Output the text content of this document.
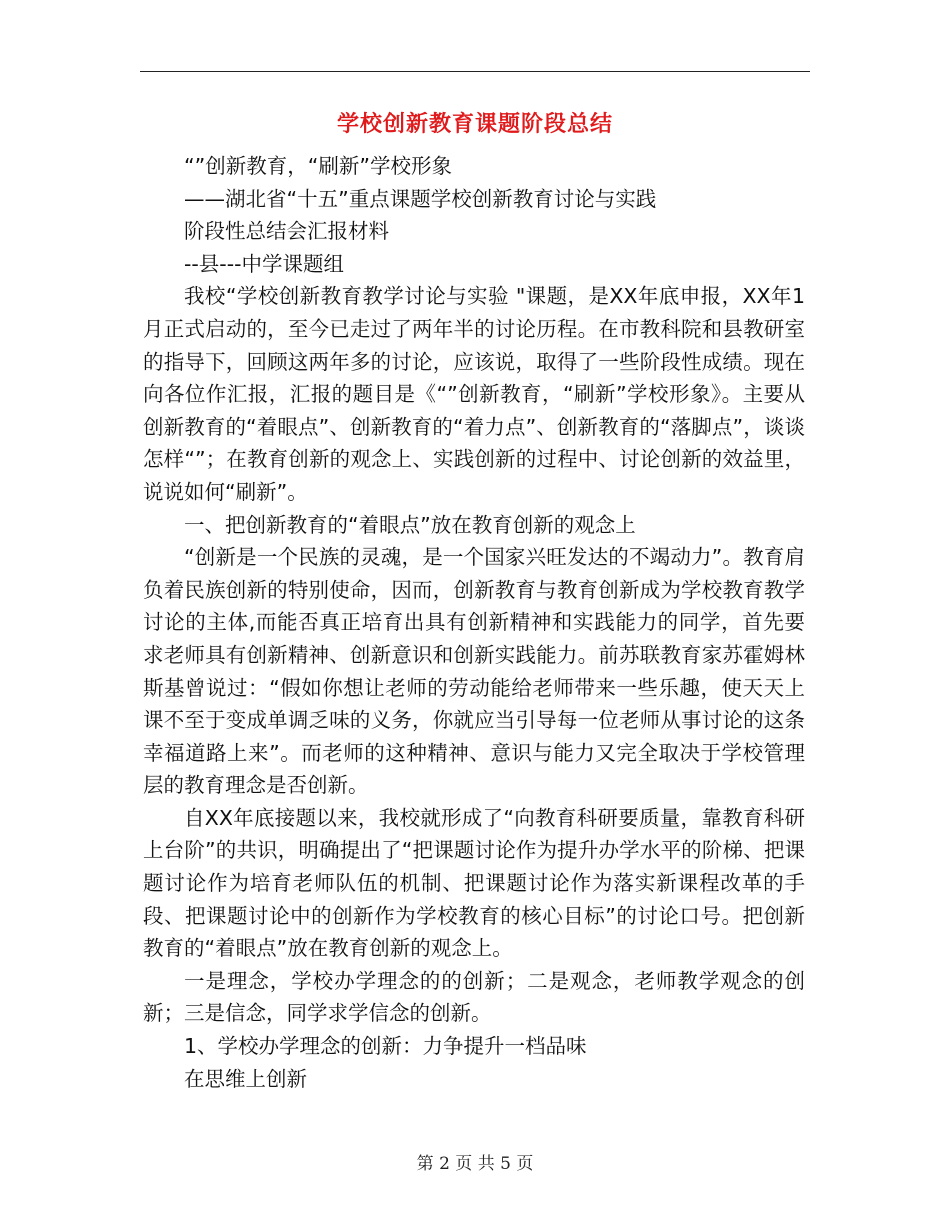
学校创新教育课题阶段总结

“”创新教育，“刷新”学校形象

——湖北省“十五”重点课题学校创新教育讨论与实践

阶段性总结会汇报材料

--县---中学课题组

我校“学校创新教育教学讨论与实验 "课题，是XX年底申报，XX年1月正式启动的，至今已走过了两年半的讨论历程。在市教科院和县教研室的指导下，回顾这两年多的讨论，应该说，取得了一些阶段性成绩。现在向各位作汇报，汇报的题目是《“”创新教育，“刷新”学校形象》。主要从创新教育的“着眼点”、创新教育的“着力点”、创新教育的“落脚点”，谈谈怎样“”；在教育创新的观念上、实践创新的过程中、讨论创新的效益里，说说如何“刷新”。

一、把创新教育的“着眼点”放在教育创新的观念上

“创新是一个民族的灵魂，是一个国家兴旺发达的不竭动力”。教育肩负着民族创新的特别使命，因而，创新教育与教育创新成为学校教育教学讨论的主体,而能否真正培育出具有创新精神和实践能力的同学，首先要求老师具有创新精神、创新意识和创新实践能力。前苏联教育家苏霍姆林斯基曾说过：“假如你想让老师的劳动能给老师带来一些乐趣，使天天上课不至于变成单调乏味的义务，你就应当引导每一位老师从事讨论的这条幸福道路上来”。而老师的这种精神、意识与能力又完全取决于学校管理层的教育理念是否创新。

自XX年底接题以来，我校就形成了“向教育科研要质量，靠教育科研上台阶”的共识，明确提出了“把课题讨论作为提升办学水平的阶梯、把课题讨论作为培育老师队伍的机制、把课题讨论作为落实新课程改革的手段、把课题讨论中的创新作为学校教育的核心目标”的讨论口号。把创新教育的“着眼点”放在教育创新的观念上。

一是理念，学校办学理念的的创新；二是观念，老师教学观念的创新；三是信念，同学求学信念的创新。

1、学校办学理念的创新：力争提升一档品味

在思维上创新

第 2 页 共 5 页
